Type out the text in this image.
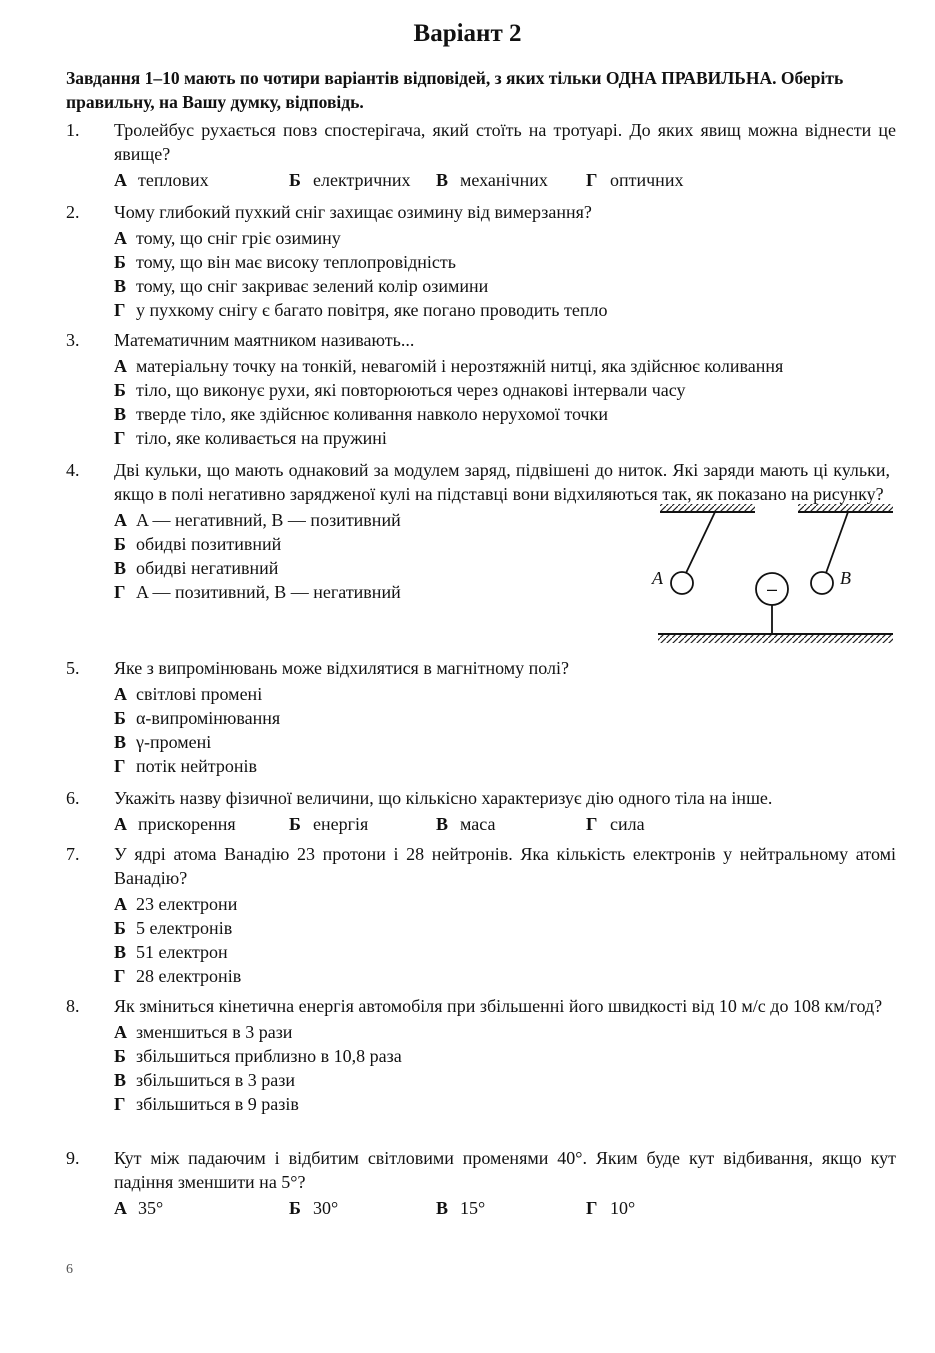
Варіант 2
Завдання 1–10 мають по чотири варіантів відповідей, з яких тільки ОДНА ПРАВИЛЬНА. Оберіть правильну, на Вашу думку, відповідь.
1. Тролейбус рухається повз спостерігача, який стоїть на тротуарі. До яких явищ можна віднести це явище?
А теплових	Б електричних В механічних Г оптичних
2. Чому глибокий пухкий сніг захищає озимину від вимерзання?
А тому, що сніг гріє озимину
Б тому, що він має високу теплопровідність
В тому, що сніг закриває зелений колір озимини
Г у пухкому снігу є багато повітря, яке погано проводить тепло
3. Математичним маятником називають...
А матеріальну точку на тонкій, невагомій і нерозтяжній нитці, яка здійснює коливання
Б тіло, що виконує рухи, які повторюються через однакові інтервали часу
В тверде тіло, яке здійснює коливання навколо нерухомої точки
Г тіло, яке коливається на пружині
4. Дві кульки, що мають однаковий за модулем заряд, підвішені до ниток. Які заряди мають ці кульки, якщо в полі негативно зарядженої кулі на підставці вони відхиляються так, як показано на рисунку?
А A — негативний, B — позитивний
Б обидві позитивний
В обидві негативний
Г A — позитивний, B — негативний
A	B
–
5. Яке з випромінювань може відхилятися в магнітному полі?
А світлові промені
Б α-випромінювання
В γ-промені
Г потік нейтронів
6. Укажіть назву фізичної величини, що кількісно характеризує дію одного тіла на інше.
А прискорення	Б енергія	В маса	Г сила
7. У ядрі атома Ванадію 23 протони і 28 нейтронів. Яка кількість електронів у нейтральному атомі Ванадію?
А 23 електрони
Б 5 електронів
В 51 електрон
Г 28 електронів
8. Як зміниться кінетична енергія автомобіля при збільшенні його швидкості від 10 м/с до 108 км/год?
А зменшиться в 3 рази
Б збільшиться приблизно в 10,8 раза
В збільшиться в 3 рази
Г збільшиться в 9 разів
9. Кут між падаючим і відбитим світловими променями 40°. Яким буде кут відбивання, якщо кут падіння зменшити на 5°?
А 35°	Б 30°	В 15°	Г 10°
6
